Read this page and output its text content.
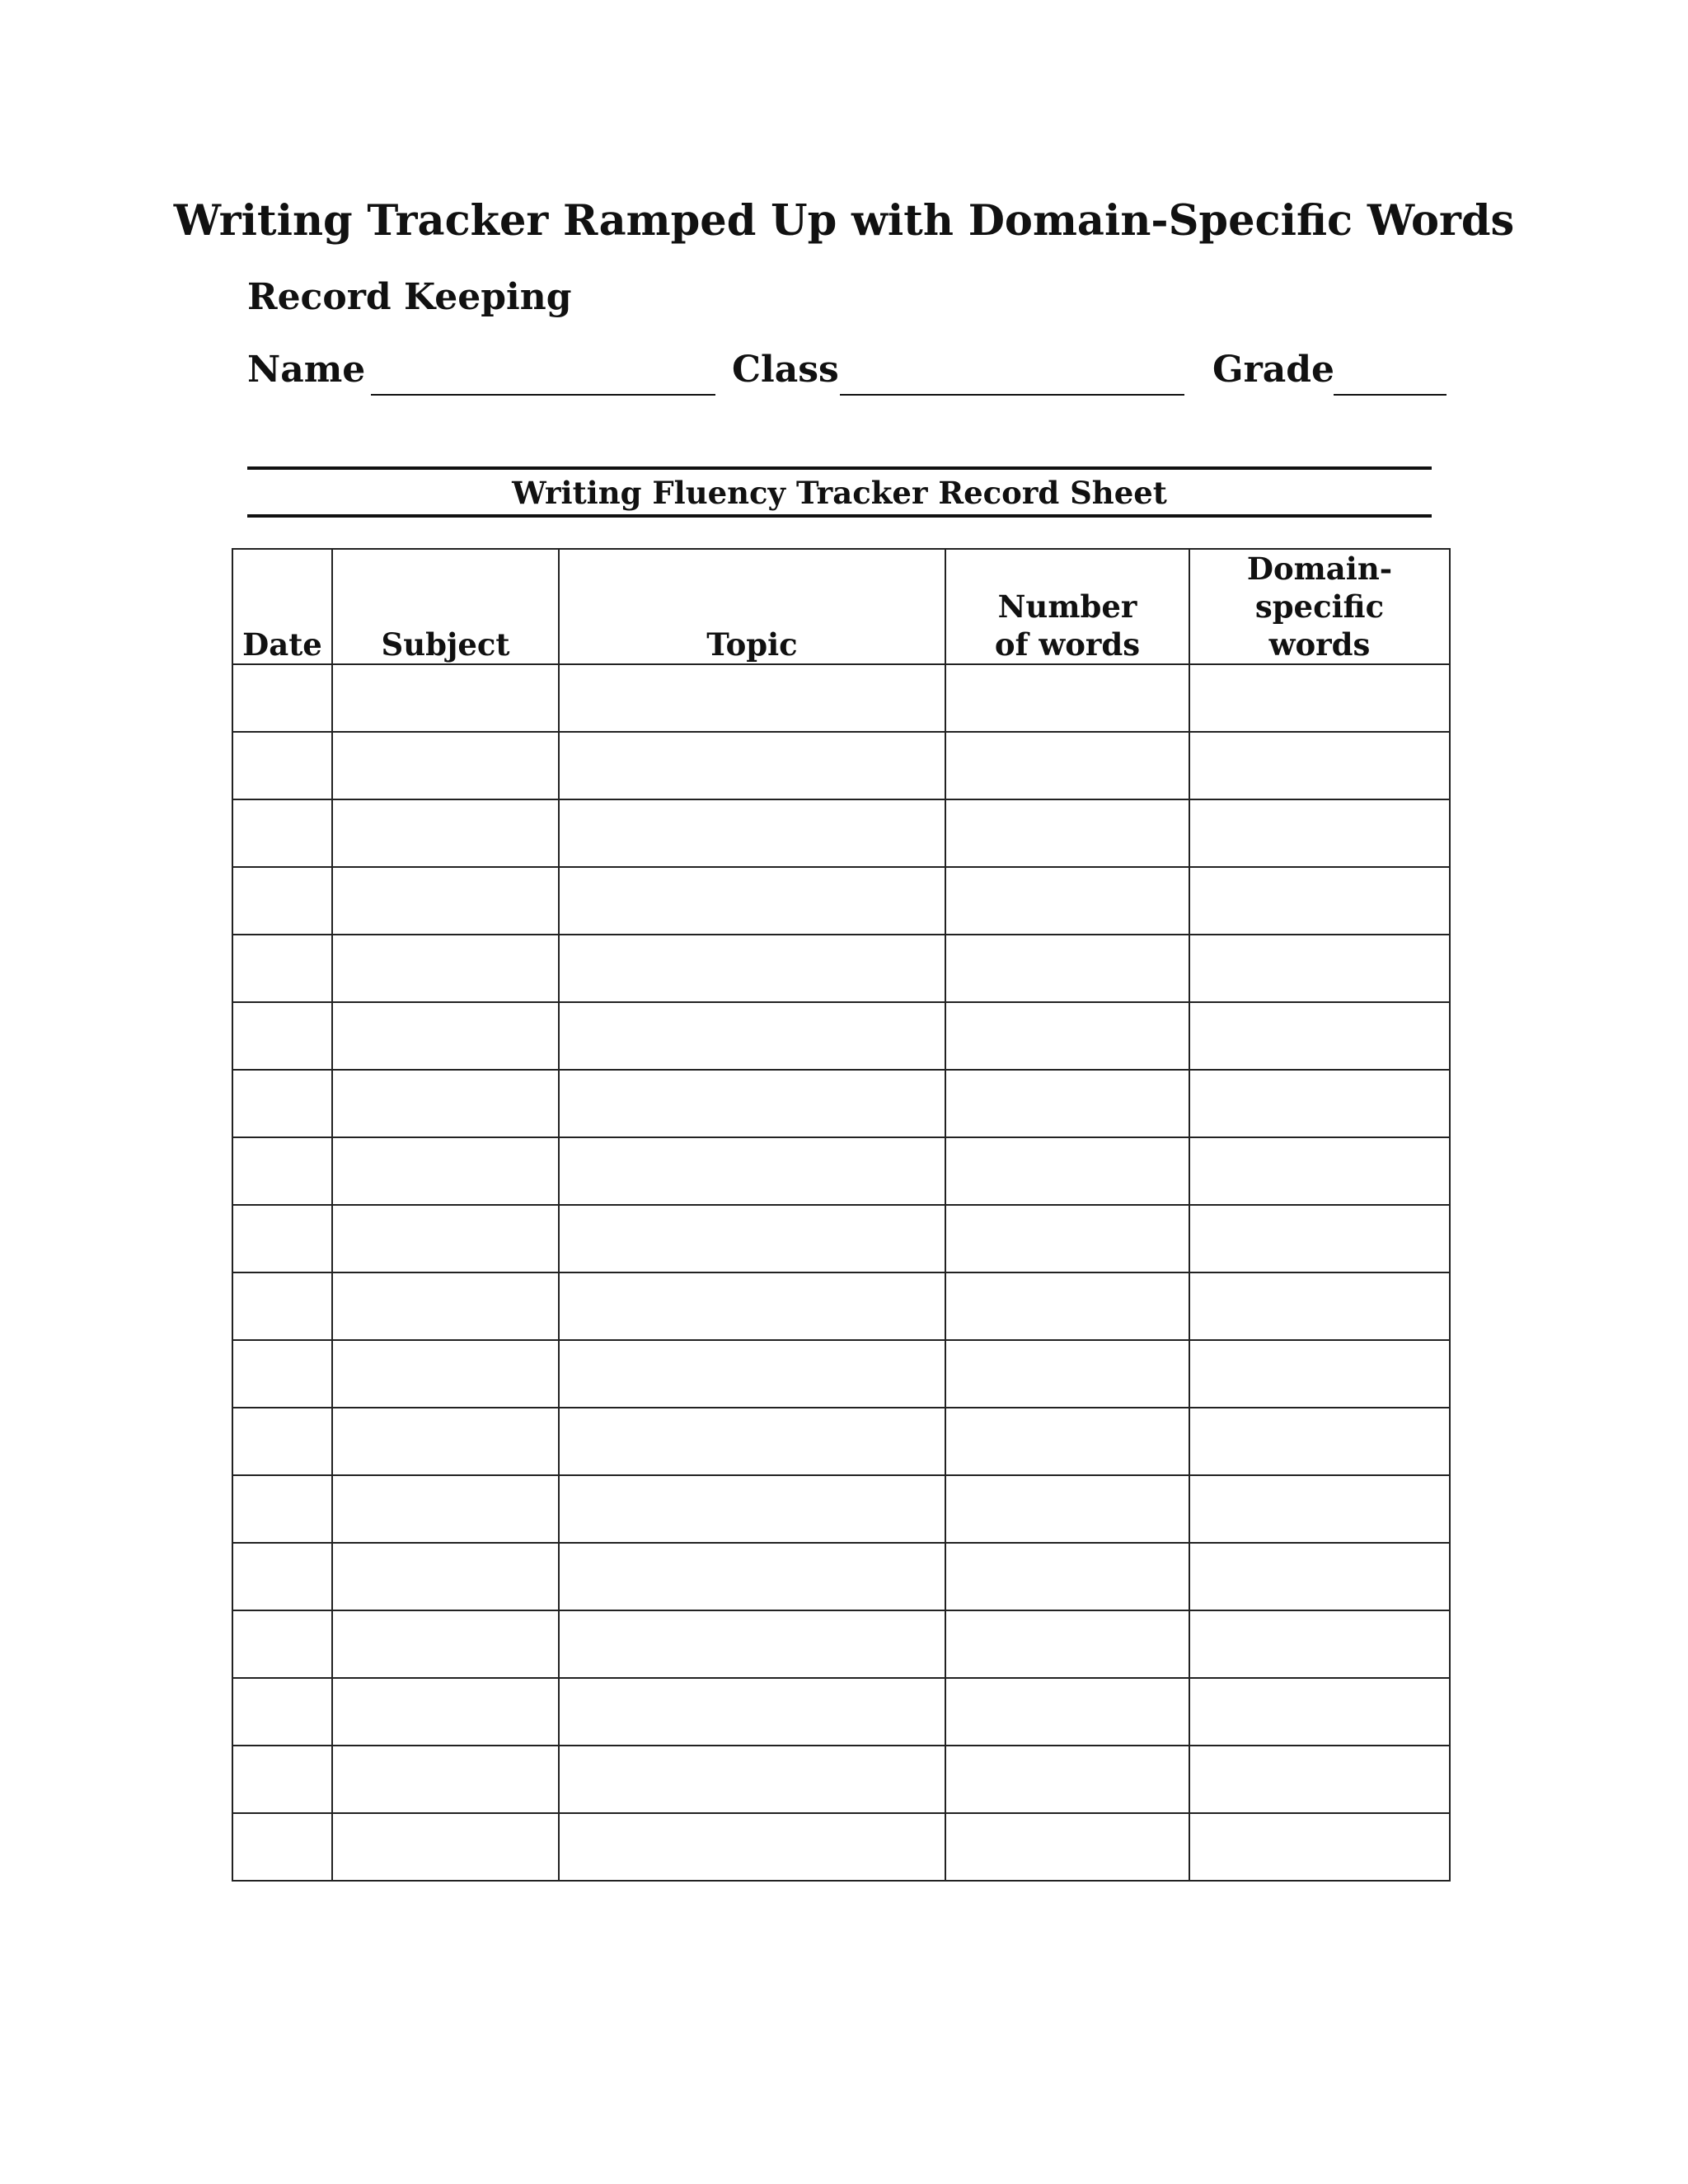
Writing Tracker Ramped Up with Domain-Specific Words
Record Keeping
Name	Class	Grade
Writing Fluency Tracker Record Sheet
Date	Subject	Topic	Number of words	Domain-specific words
